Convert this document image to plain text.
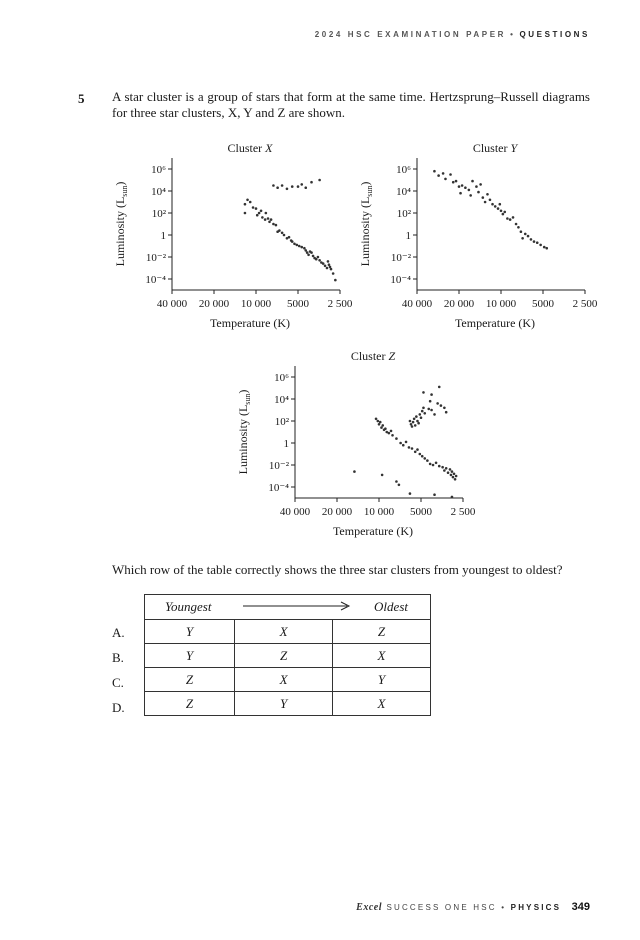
2024 HSC EXAMINATION PAPER • QUESTIONS
5 A star cluster is a group of stars that form at the same time. Hertzsprung–Russell diagrams for three star clusters, X, Y and Z are shown.
Cluster X
10⁶
10⁴
10²
1
10⁻²
10⁻⁴
40 000 20 000 10 000 5000 2 500
Temperature (K)
Luminosity $(L_{sun})$
Cluster Y
10⁶
10⁴
10²
1
10⁻²
10⁻⁴
40 000 20 000 10 000 5000 2 500
Temperature (K)
Luminosity $(L_{sun})$
Cluster Z
10⁶
10⁴
10²
1
10⁻²
10⁻⁴
40 000 20 000 10 000 5000 2 500
Temperature (K)
Luminosity $(L_{sun})$
Which row of the table correctly shows the three star clusters from youngest to oldest?
Youngest Oldest		

Y	X	Z
Y	Z	X
Z	X	Y
Z	Y	X
A.
B.
C.
D.
Excel SUCCESS ONE HSC • PHYSICS 349
